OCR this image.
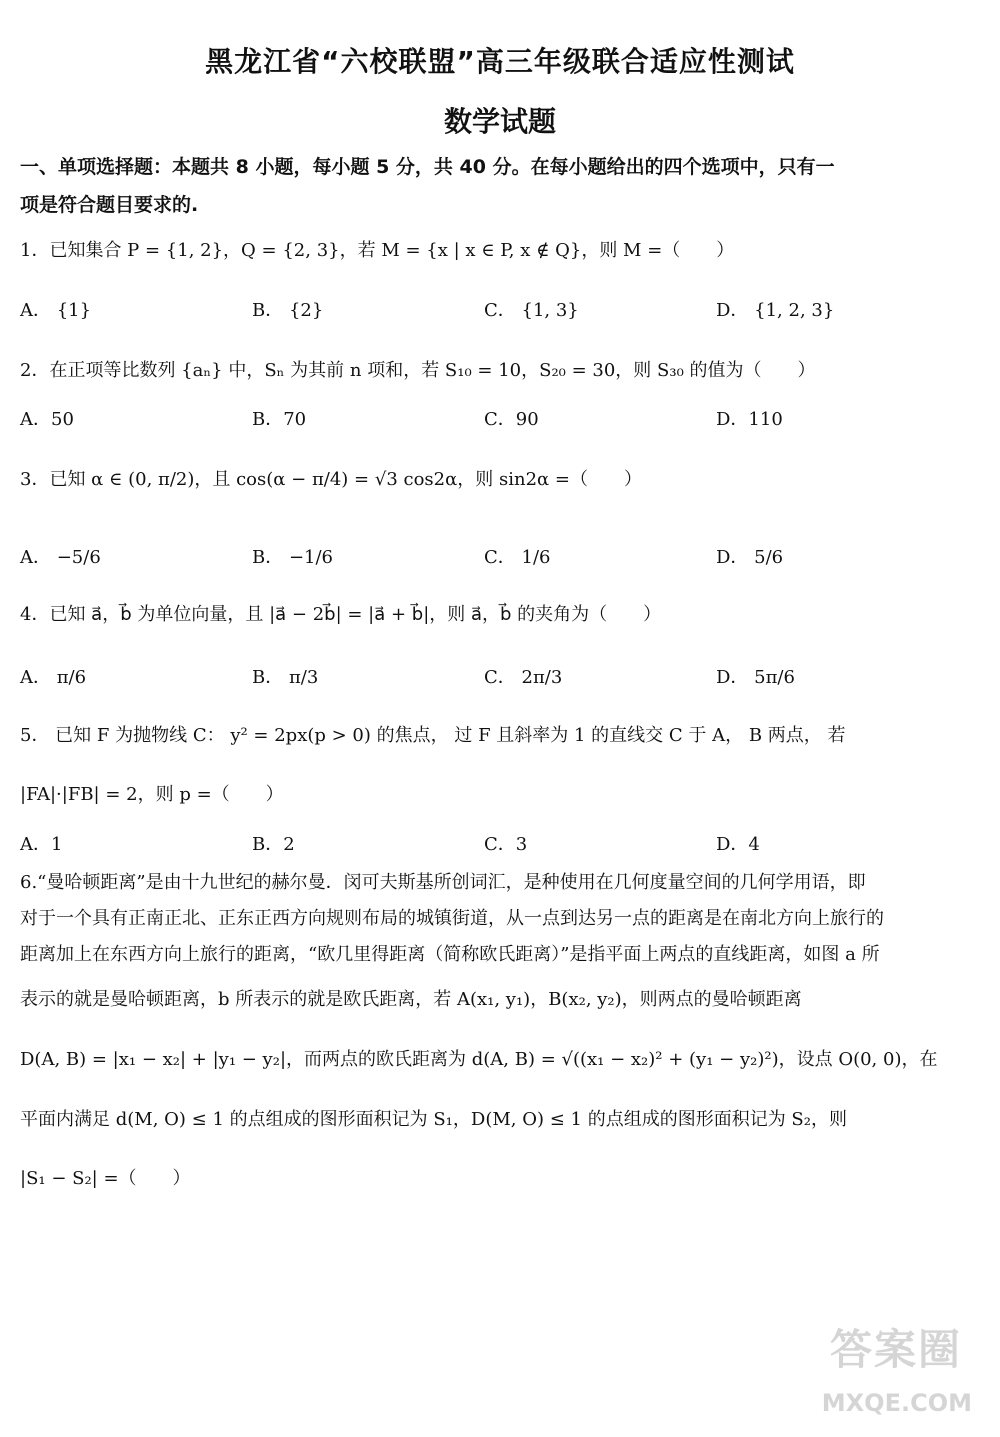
黑龙江省“六校联盟”高三年级联合适应性测试
数学试题
一、单项选择题：本题共 8 小题，每小题 5 分，共 40 分。在每小题给出的四个选项中，只有一
项是符合题目要求的.
1．已知集合 P = {1, 2}，Q = {2, 3}，若 M = {x | x ∈ P, x ∉ Q}，则 M =（　　）
A． {1}	B． {2}	C． {1, 3}	D． {1, 2, 3}
2．在正项等比数列 {aₙ} 中，Sₙ 为其前 n 项和，若 S₁₀ = 10，S₂₀ = 30，则 S₃₀ 的值为（　　）
A．50	B．70	C．90	D．110
3．已知 α ∈ (0, π/2)，且 cos(α − π/4) = √3 cos2α，则 sin2α =（　　）
A． −5/6	B． −1/6	C． 1/6	D． 5/6
4．已知 a⃗，b⃗ 为单位向量，且 |a⃗ − 2b⃗| = |a⃗ + b⃗|，则 a⃗，b⃗ 的夹角为（　　）
A． π/6	B． π/3	C． 2π/3	D． 5π/6
5． 已知 F 为抛物线 C： y² = 2px(p > 0) 的焦点， 过 F 且斜率为 1 的直线交 C 于 A， B 两点， 若
|FA|·|FB| = 2，则 p =（　　）
A．1	B．2	C．3	D．4
6.“曼哈顿距离”是由十九世纪的赫尔曼．闵可夫斯基所创词汇，是种使用在几何度量空间的几何学用语，即
对于一个具有正南正北、正东正西方向规则布局的城镇街道，从一点到达另一点的距离是在南北方向上旅行的
距离加上在东西方向上旅行的距离，“欧几里得距离（简称欧氏距离）”是指平面上两点的直线距离，如图 a 所
表示的就是曼哈顿距离，b 所表示的就是欧氏距离，若 A(x₁, y₁)，B(x₂, y₂)，则两点的曼哈顿距离
D(A, B) = |x₁ − x₂| + |y₁ − y₂|，而两点的欧氏距离为 d(A, B) = √((x₁ − x₂)² + (y₁ − y₂)²)，设点 O(0, 0)，在
平面内满足 d(M, O) ≤ 1 的点组成的图形面积记为 S₁，D(M, O) ≤ 1 的点组成的图形面积记为 S₂，则
|S₁ − S₂| =（　　）
答案圈
MXQE.COM
